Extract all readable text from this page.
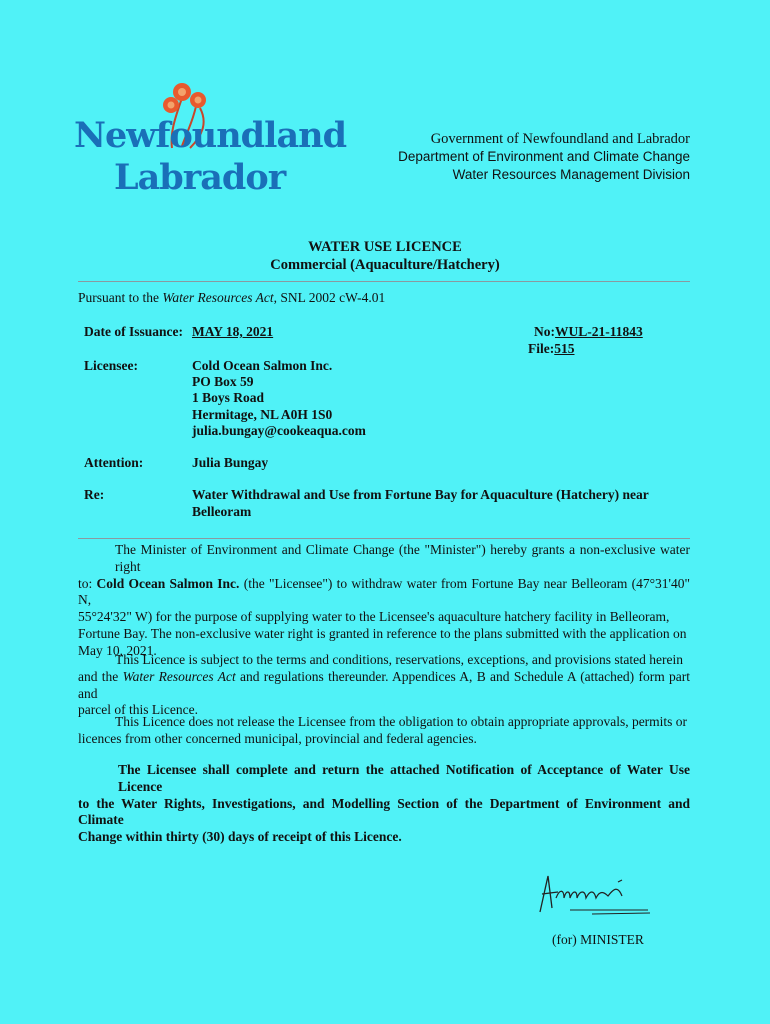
Newfoundland
Labrador
Government of Newfoundland and Labrador
Department of Environment and Climate Change
Water Resources Management Division
WATER USE LICENCE
Commercial (Aquaculture/Hatchery)
Pursuant to the Water Resources Act, SNL 2002 cW-4.01
Date of Issuance: MAY 18, 2021	No:WUL-21-11843
File:515
Licensee:	Cold Ocean Salmon Inc.
PO Box 59
1 Boys Road
Hermitage, NL A0H 1S0
julia.bungay@cookeaqua.com
Attention:	Julia Bungay
Re:	Water Withdrawal and Use from Fortune Bay for Aquaculture (Hatchery) near
Belleoram
The Minister of Environment and Climate Change (the "Minister") hereby grants a non-exclusive water right
to: Cold Ocean Salmon Inc. (the "Licensee") to withdraw water from Fortune Bay near Belleoram (47°31'40" N,
55°24'32" W) for the purpose of supplying water to the Licensee's aquaculture hatchery facility in Belleoram,
Fortune Bay. The non-exclusive water right is granted in reference to the plans submitted with the application on
May 10, 2021.
This Licence is subject to the terms and conditions, reservations, exceptions, and provisions stated herein
and the Water Resources Act and regulations thereunder. Appendices A, B and Schedule A (attached) form part and
parcel of this Licence.
This Licence does not release the Licensee from the obligation to obtain appropriate approvals, permits or
licences from other concerned municipal, provincial and federal agencies.
The Licensee shall complete and return the attached Notification of Acceptance of Water Use Licence
to the Water Rights, Investigations, and Modelling Section of the Department of Environment and Climate
Change within thirty (30) days of receipt of this Licence.
(for) MINISTER
